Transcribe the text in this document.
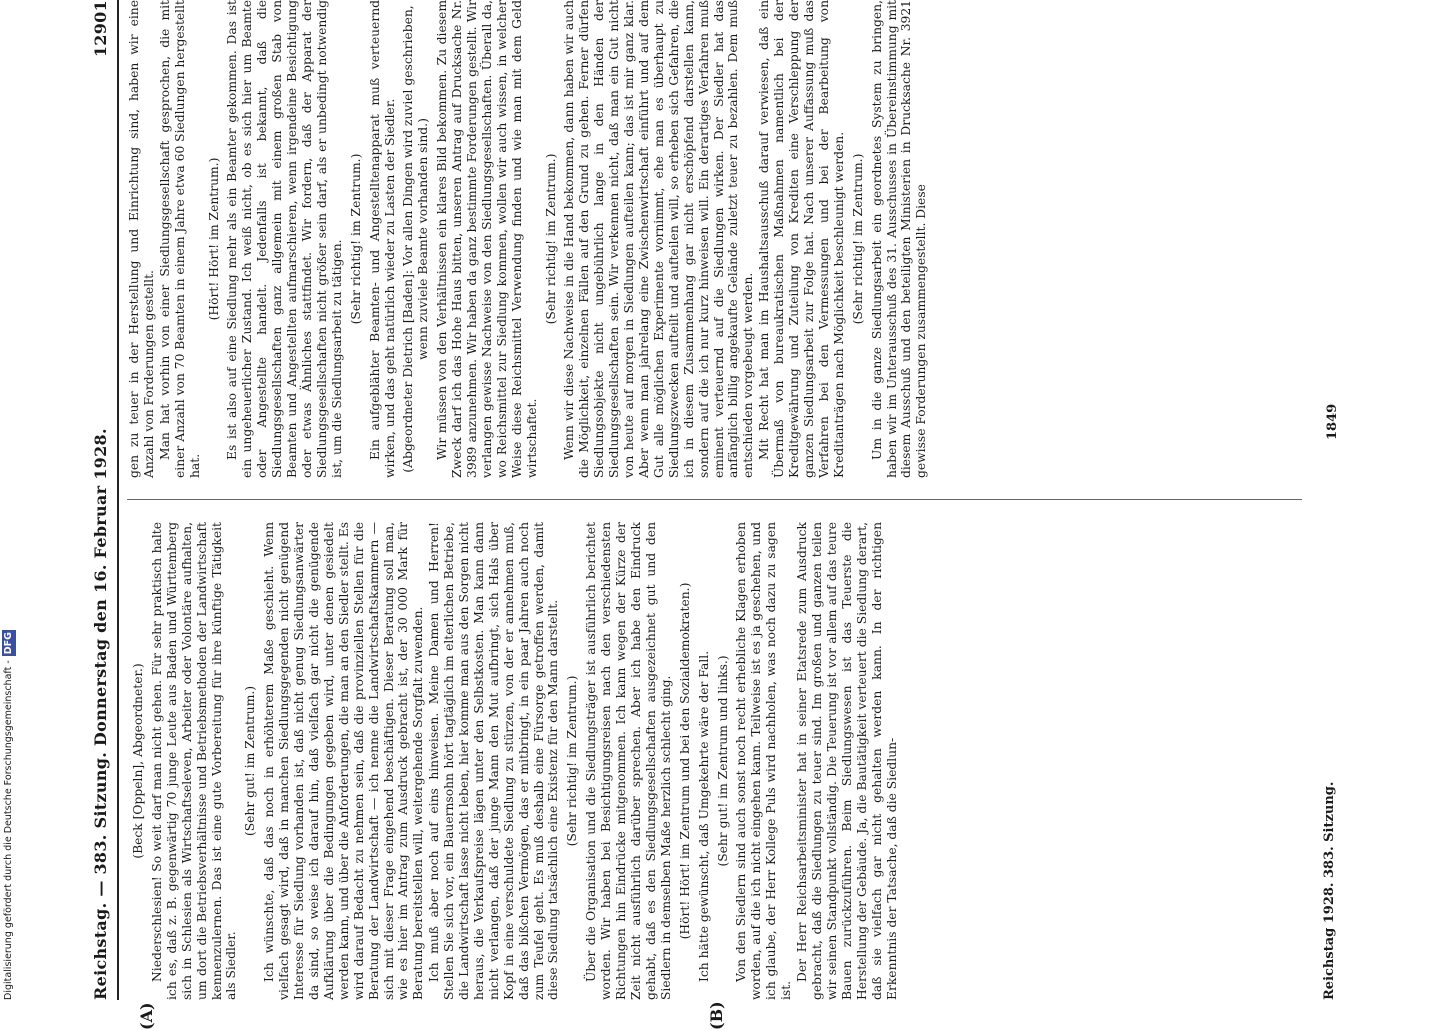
Reichstag. — 383. Sitzung. Donnerstag den 16. Februar 1928.
12901
(A)	(B)

(Beck [Oppeln], Abgeordneter.) Niederschlesien! So weit darf man nicht gehen. Für sehr praktisch halte ich es, daß z. B. gegenwärtig 70 junge Leute aus Baden und Württemberg sich in Schlesien als Wirtschaftseleven, Arbeiter oder Volontäre aufhalten, um dort die Betriebsverhältnisse und Betriebsmethoden der Landwirtschaft kennenzulernen. Das ist eine gute Vorbereitung für ihre künftige Tätigkeit als Siedler.

(Sehr gut! im Zentrum.) Ich wünschte, daß das noch in erhöhterem Maße geschieht. Wenn vielfach gesagt wird, daß in manchen Siedlungsgegenden nicht genügend Interesse für Siedlung vorhanden ist, daß nicht genug Siedlungsanwärter da sind, so weise ich darauf hin, daß vielfach gar nicht die genügende Aufklärung über die Bedingungen gegeben wird, unter denen gesiedelt werden kann, und über die Anforderungen, die man an den Siedler stellt. Es wird darauf Bedacht zu nehmen sein, daß die provinziellen Stellen für die Beratung der Landwirtschaft — ich nenne die Landwirtschaftskammern — sich mit dieser Frage eingehend beschäftigen. Dieser Beratung soll man, wie es hier im Antrag zum Ausdruck gebracht ist, der 30 000 Mark für Beratung bereitstellen will, weitergehende Sorgfalt zuwenden. Ich muß aber noch auf eins hinweisen. Meine Damen und Herren! Stellen Sie sich vor, ein Bauernsohn hört tagtäglich im elterlichen Betriebe, die Landwirtschaft lasse nicht leben, hier komme man aus den Sorgen nicht heraus, die Verkaufspreise lägen unter den Selbstkosten. Man kann dann nicht verlangen, daß der junge Mann den Mut aufbringt, sich Hals über Kopf in eine verschuldete Siedlung zu stürzen, von der er annehmen muß, daß das bißchen Vermögen, das er mitbringt, in ein paar Jahren auch noch zum Teufel geht. Es muß deshalb eine Fürsorge getroffen werden, damit diese Siedlung tatsächlich eine Existenz für den Mann darstellt. (Sehr richtig! im Zentrum.) Über die Organisation und die Siedlungsträger ist ausführlich berichtet worden. Wir haben bei Besichtigungsreisen nach den verschiedensten Richtungen hin Eindrücke mitgenommen. Ich kann wegen der Kürze der Zeit nicht ausführlich darüber sprechen. Aber ich habe den Eindruck gehabt, daß es den Siedlungsgesellschaften ausgezeichnet gut und den Siedlern in demselben Maße herzlich schlecht ging. (Hört! Hört! im Zentrum und bei den Sozialdemokraten.) Ich hätte gewünscht, daß Umgekehrte wäre der Fall. (Sehr gut! im Zentrum und links.) Von den Siedlern sind auch sonst noch recht erhebliche Klagen erhoben worden, auf die ich nicht eingehen kann. Teilweise ist es ja geschehen, und ich glaube, der Herr Kollege Puls wird nachholen, was noch dazu zu sagen ist.

Der Herr Reichsarbeitsminister hat in seiner Etatsrede zum Ausdruck gebracht, daß die Siedlungen zu teuer sind. Im großen und ganzen teilen wir seinen Standpunkt vollständig. Die Teuerung ist vor allem auf das teure Bauen zurückzuführen. Beim Siedlungswesen ist das Teuerste die Herstellung der Gebäude. Ja, die Bautätigkeit verteuert die Siedlung derart, daß sie vielfach gar nicht gehalten werden kann. In der richtigen Erkenntnis der Tatsache, daß die Siedlun-

gen zu teuer in der Herstellung und Einrichtung sind, haben wir eine Anzahl von Forderungen gestellt. Man hat vorhin von einer Siedlungsgesellschaft gesprochen, die mit einer Anzahl von 70 Beamten in einem Jahre etwa 60 Siedlungen hergestellt hat.

(Hört! Hört! im Zentrum.) Es ist also auf eine Siedlung mehr als ein Beamter gekommen. Das ist ein ungeheuerlicher Zustand. Ich weiß nicht, ob es sich hier um Beamte oder Angestellte handelt. Jedenfalls ist bekannt, daß die Siedlungsgesellschaften ganz allgemein mit einem großen Stab von Beamten und Angestellten aufmarschieren, wenn irgendeine Besichtigung oder etwas Ähnliches stattfindet. Wir fordern, daß der Apparat der Siedlungsgesellschaften nicht größer sein darf, als er unbedingt notwendig ist, um die Siedlungsarbeit zu tätigen.

(Sehr richtig! im Zentrum.) Ein aufgeblähter Beamten- und Angestelltenapparat muß verteuernd wirken, und das geht natürlich wieder zu Lasten der Siedler. (Abgeordneter Dietrich [Baden]: Vor allen Dingen wird zuviel geschrieben, wenn zuviele Beamte vorhanden sind.) Wir müssen von den Verhältnissen ein klares Bild bekommen. Zu diesem Zweck darf ich das Hohe Haus bitten, unseren Antrag auf Drucksache Nr. 3989 anzunehmen. Wir haben da ganz bestimmte Forderungen gestellt. Wir verlangen gewisse Nachweise von den Siedlungsgesellschaften. Überall da, wo Reichsmittel zur Siedlung kommen, wollen wir auch wissen, in welcher Weise diese Reichsmittel Verwendung finden und wie man mit dem Geld wirtschaftet.

(Sehr richtig! im Zentrum.) Wenn wir diese Nachweise in die Hand bekommen, dann haben wir auch die Möglichkeit, einzelnen Fällen auf den Grund zu gehen. Ferner dürfen Siedlungsobjekte nicht ungebührlich lange in den Händen der Siedlungsgesellschaften sein. Wir verkennen nicht, daß man ein Gut nicht von heute auf morgen in Siedlungen aufteilen kann; das ist mir ganz klar. Aber wenn man jahrelang eine Zwischenwirtschaft einführt und auf dem Gut alle möglichen Experimente vornimmt, ehe man es überhaupt zu Siedlungszwecken aufteilt und aufteilen will, so erheben sich Gefahren, die ich in diesem Zusammenhang gar nicht erschöpfend darstellen kann, sondern auf die ich nur kurz hinweisen will. Ein derartiges Verfahren muß eminent verteuernd auf die Siedlungen wirken. Der Siedler hat das anfänglich billig angekaufte Gelände zuletzt teuer zu bezahlen. Dem muß entschieden vorgebeugt werden. Mit Recht hat man im Haushaltsausschuß darauf verwiesen, daß ein Übermaß von bureaukratischen Maßnahmen namentlich bei der Kreditgewährung und Zuteilung von Krediten eine Verschleppung der ganzen Siedlungsarbeit zur Folge hat. Nach unserer Auffassung muß das Verfahren bei den Vermessungen und bei der Bearbeitung von Kreditanträgen nach Möglichkeit beschleunigt werden. (Sehr richtig! im Zentrum.) Um in die ganze Siedlungsarbeit ein geordnetes System zu bringen, haben wir im Unterausschuß des 31. Ausschusses in Übereinstimmung mit diesem Ausschuß und den beteiligten Ministerien in Drucksache Nr. 3921 gewisse Forderungen zusammengestellt. Diese

Reichstag 1928. 383. Sitzung.
1849
Digitalisierung gefördert durch die Deutsche Forschungsgemeinschaft -DFG
